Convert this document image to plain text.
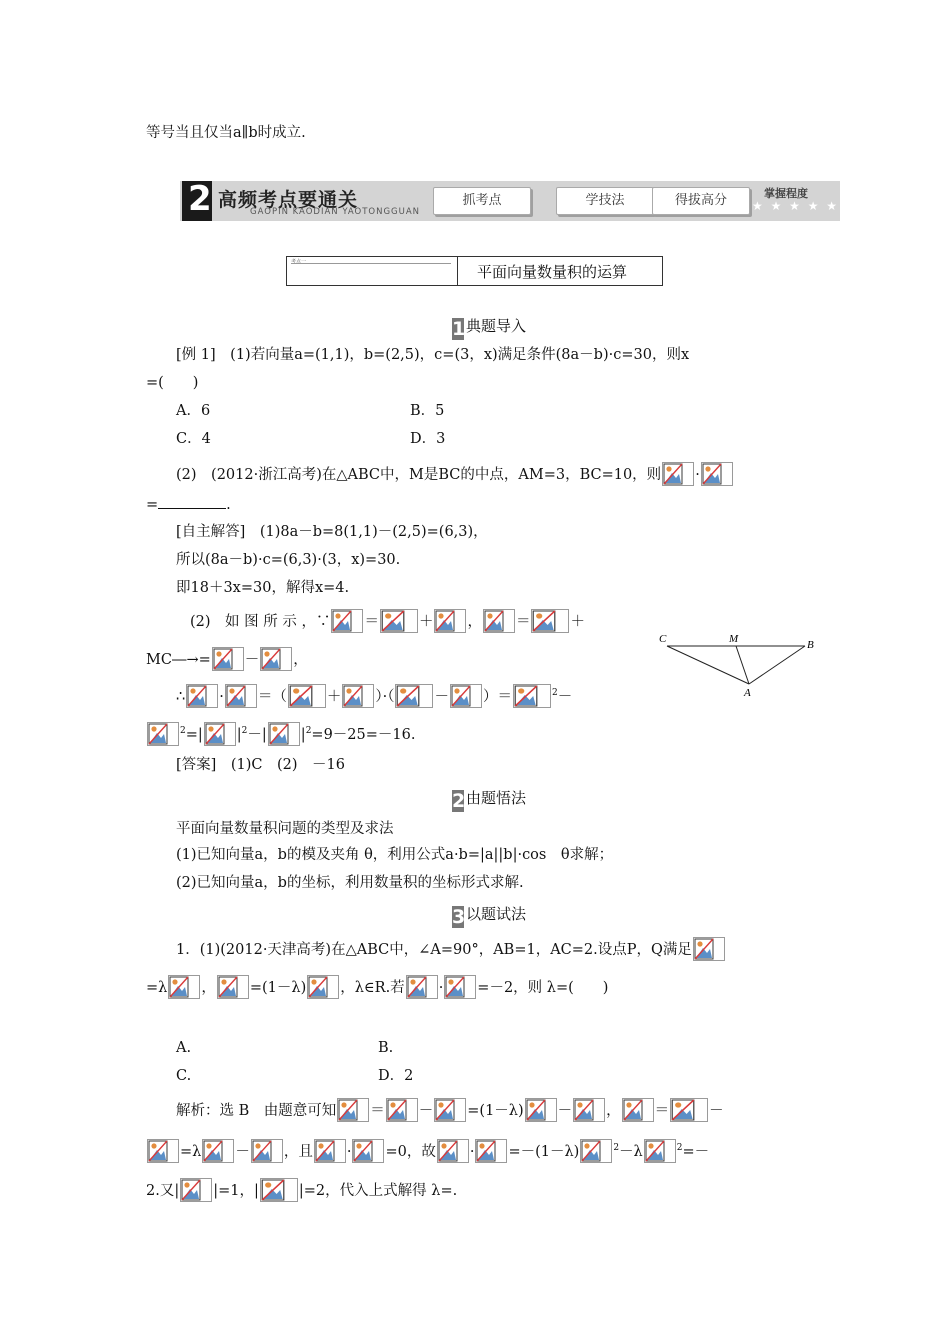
等号当且仅当a∥b时成立.
2 高频考点要通关
GAOPIN KAODIAN YAOTONGGUAN
抓考点	学技法	得拔高分	掌握程度
★ ★ ★ ★ ★
考点一
平面向量数量积的运算
1典题导入
[例 1]　 (1)若向量a=(1,1)，b=(2,5)，c=(3，x)满足条件(8a－b)·c=30，则x
=(　　)
A．6	B．5
C．4	D．3
(2)　(2012·浙江高考)在△ABC中，M是BC的中点，AM=3，BC=10，则 ·
=	.
[自主解答]　 (1)8a－b=8(1,1)－(2,5)=(6,3)，
所以(8a－b)·c=(6,3)·(3，x)=30.
即18＋3x=30，解得x=4.
(2)　如 图 所 示 ，∵ ＝	＋ ， ＝	＋
MC―→= － ，
∴ · ＝（	＋ ）·（	－ ）＝	$^2$－
$^2$=| $|^2-|$ $|^2=9-25=-16$.
[答案]　 (1)C　(2)　－16
C	M	B
A
2由题悟法
平面向量数量积问题的类型及求法
(1)已知向量a，b的模及夹角 θ，利用公式a·b=|a||b|·cos　θ求解；
(2)已知向量a，b的坐标，利用数量积的坐标形式求解.
3以题试法
1．(1)(2012·天津高考)在△ABC中，∠A=90°，AB=1，AC=2.设点P，Q满足
=λ ， =(1－λ) ，λ∈R.若 · =－2，则 λ=(　　)
A.	B.
C.	D．2
解析：选 B　由题意可知 ＝ － =(1－λ) － ， ＝	－
=λ － ，且 · =0，故 · =－(1－λ)	$^2$－λ	$^2$=－
2.又| |=1，|	|=2，代入上式解得 λ=.
